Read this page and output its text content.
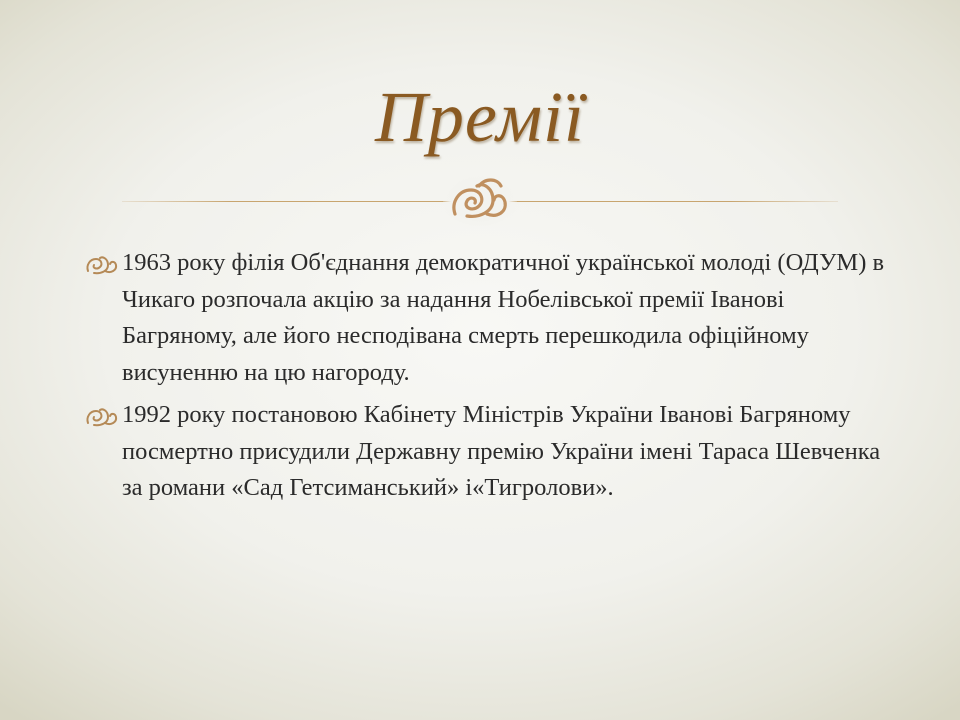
Премії
1963 року філія Об'єднання демократичної української молоді (ОДУМ) в Чикаго розпочала акцію за надання Нобелівської премії Іванові Багряному, але його несподівана смерть перешкодила офіційному висуненню на цю нагороду.
1992 року постановою Кабінету Міністрів України Іванові Багряному посмертно присудили Державну премію України імені Тараса Шевченка за романи «Сад Гетсиманський» і«Тигролови».
